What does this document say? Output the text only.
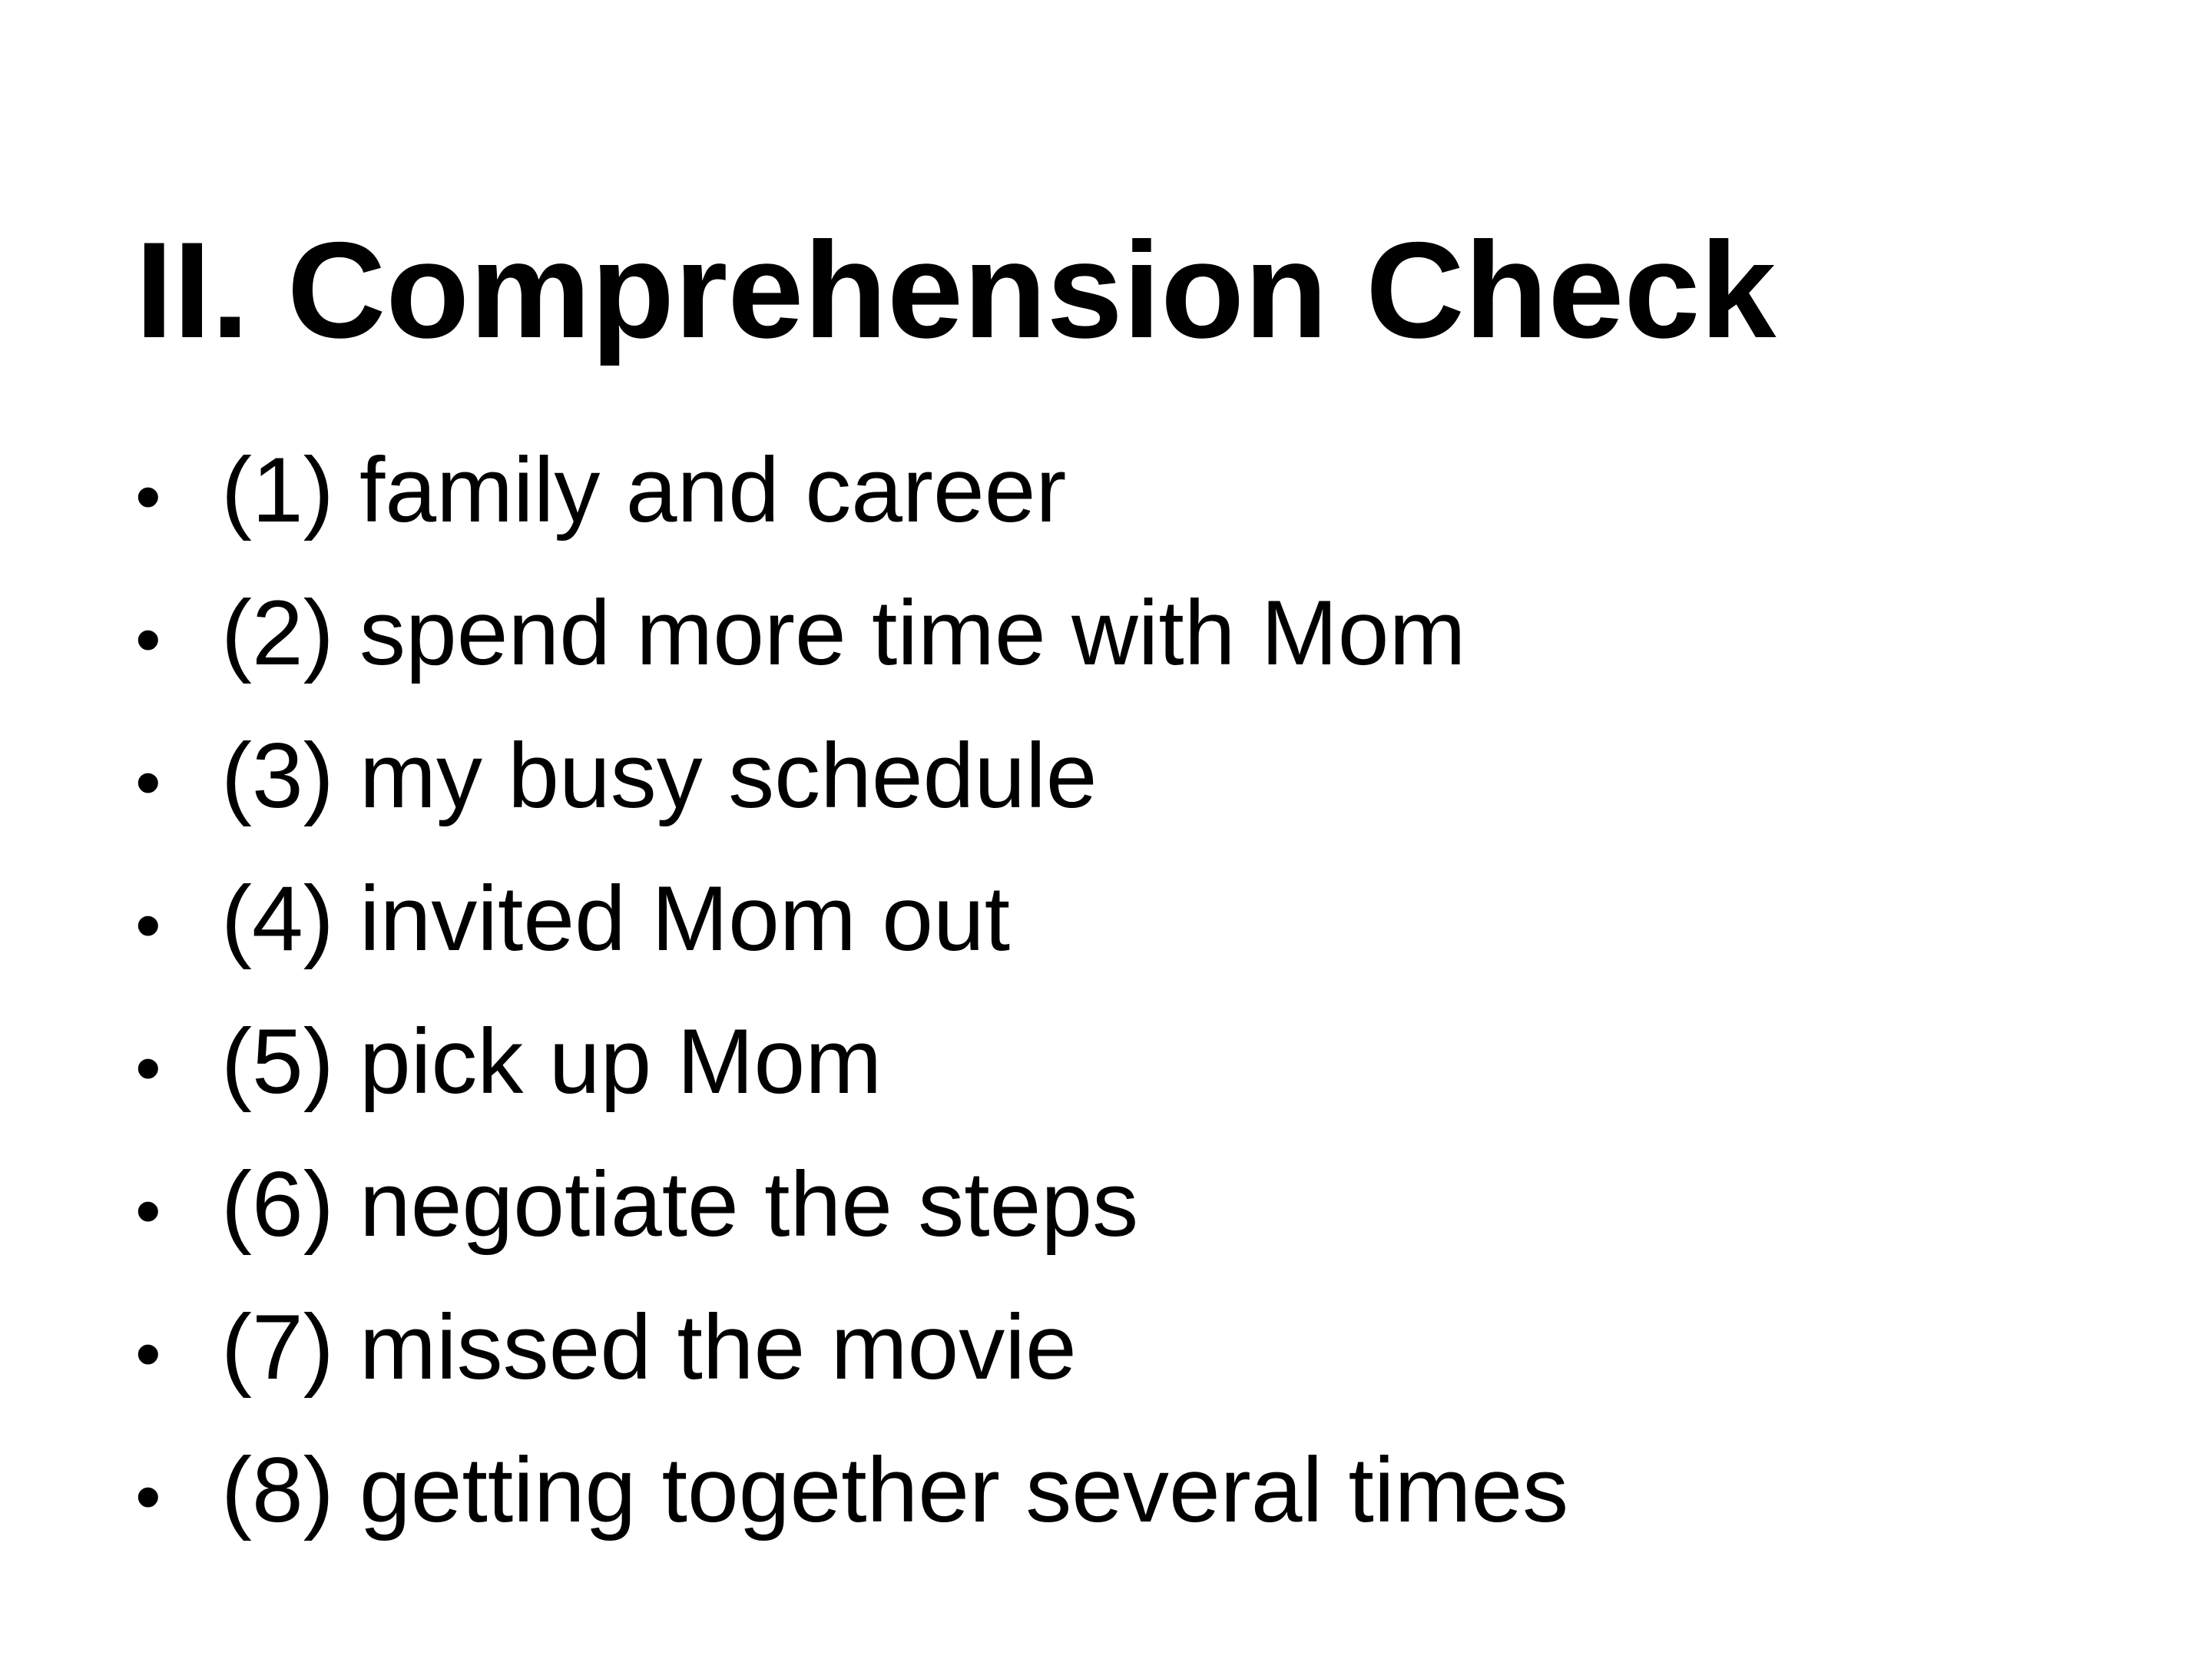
II. Comprehension Check
• (1) family and career
• (2) spend more time with Mom
• (3) my busy schedule
• (4) invited Mom out
• (5) pick up Mom
• (6) negotiate the steps
• (7) missed the movie
• (8) getting together several times
